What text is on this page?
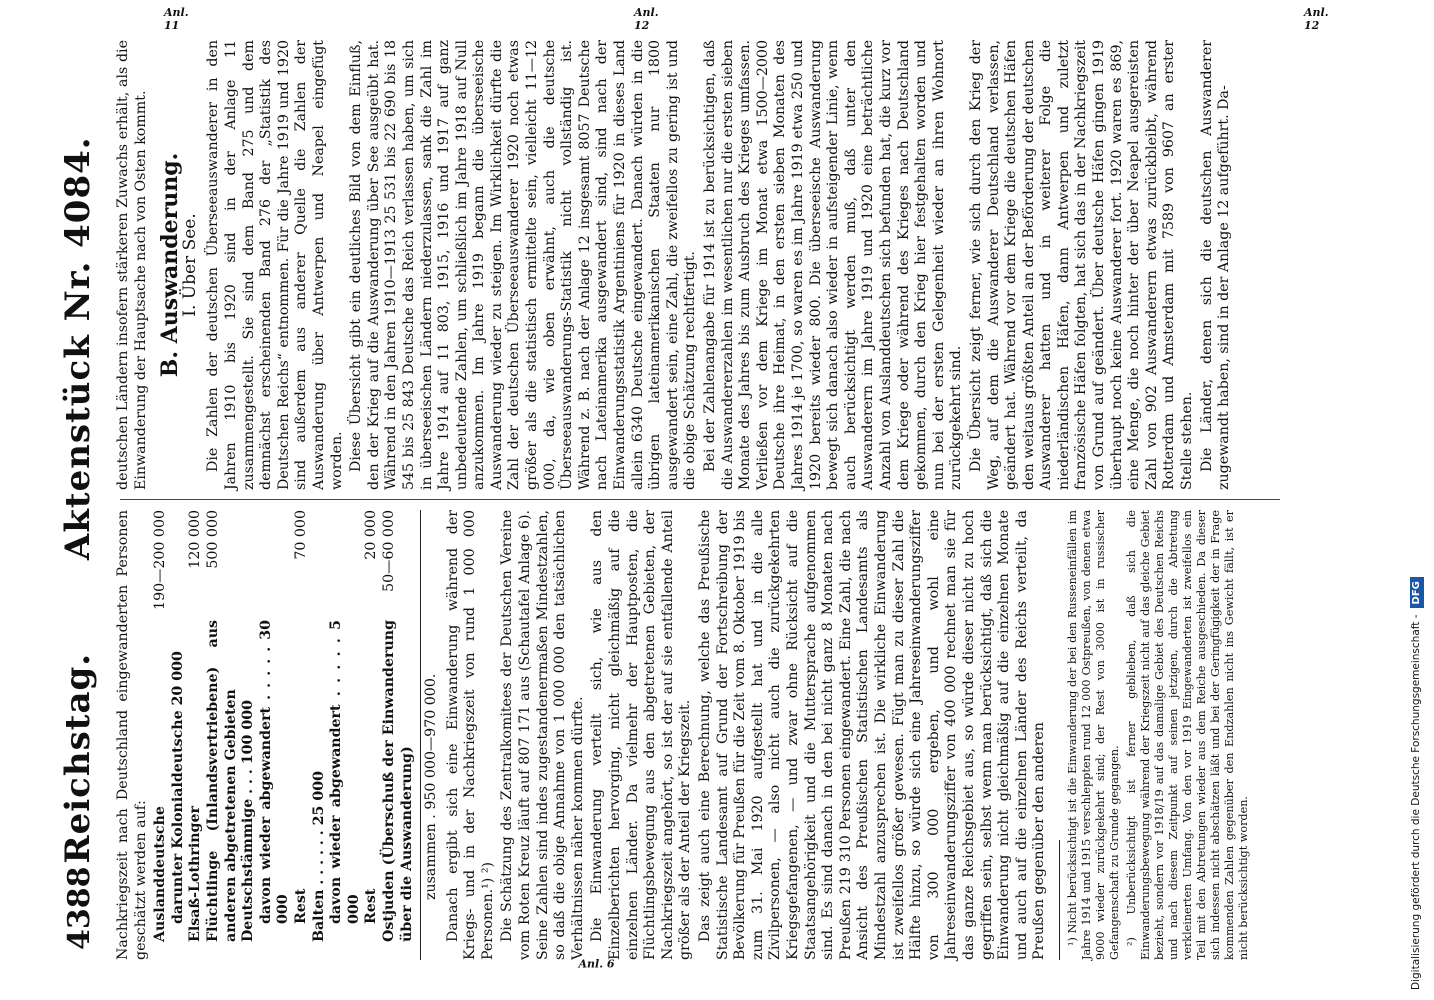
4388
Reichstag. Aktenstück Nr. 4084.

Nachkriegszeit nach Deutschland eingewanderten Personen geschätzt werden auf: Auslanddeutsche
190—200 000
darunter Kolonialdeutsche 20 000 Elsaß-Lothringer
120 000
Flüchtlinge (Inlandsvertriebene) aus anderen abgetretenen Gebieten
500 000
Deutschstämmige . . . 100 000 davon wieder abgewandert . . . . . 30 000 Rest
70 000
Balten . . . . . . 25 000 davon wieder abgewandert . . . . . 5 000 Rest
20 000
Ostjuden (Überschuß der Einwanderung über die Auswanderung)
50—60 000
zusammen . 950 000—970 000. Danach ergibt sich eine Einwanderung während der Kriegs- und in der Nachkriegszeit von rund 1 000 000 Personen.¹) ²) Die Schätzung des Zentralkomitees der Deutschen Vereine vom Roten Kreuz läuft auf 807 171 aus (Schautafel Anlage 6). Seine Zahlen sind indes zugestandenermaßen Mindestzahlen, so daß die obige Annahme von 1 000 000 den tatsächlichen Verhältnissen näher kommen dürfte. Die Einwanderung verteilt sich, wie aus den Einzelberichten hervorging, nicht gleichmäßig auf die einzelnen Länder. Da vielmehr der Hauptposten, die Flüchtlingsbewegung aus den abgetretenen Gebieten, der Nachkriegszeit angehört, so ist der auf sie entfallende Anteil größer als der Anteil der Kriegszeit. Das zeigt auch eine Berechnung, welche das Preußische Statistische Landesamt auf Grund der Fortschreibung der Bevölkerung für Preußen für die Zeit vom 8. Oktober 1919 bis zum 31. Mai 1920 aufgestellt hat und in die alle Zivilpersonen, — also nicht auch die zurückgekehrten Kriegsgefangenen, — und zwar ohne Rücksicht auf die Staatsangehörigkeit und die Muttersprache aufgenommen sind. Es sind danach in den bei nicht ganz 8 Monaten nach Preußen 219 310 Personen eingewandert. Eine Zahl, die nach Ansicht des Preußischen Statistischen Landesamts als Mindestzahl anzusprechen ist. Die wirkliche Einwanderung ist zweifellos größer gewesen. Fügt man zu dieser Zahl die Hälfte hinzu, so würde sich eine Jahreseinwanderungsziffer von 300 000 ergeben, und wohl eine Jahreseinwanderungsziffer von 400 000 rechnet man sie für das ganze Reichsgebiet aus, so würde dieser nicht zu hoch gegriffen sein, selbst wenn man berücksichtigt, daß sich die Einwanderung nicht gleichmäßig auf die einzelnen Monate und auch auf die einzelnen Länder des Reichs verteilt, da Preußen gegenüber den anderen ¹) Nicht berücksichtigt ist die Einwanderung der bei den Russeneinfällen im Jahre 1914 und 1915 verschleppten rund 12 000 Ostpreußen, von denen etwa 9000 wieder zurückgekehrt sind; der Rest von 3000 ist in russischer Gefangenschaft zu Grunde gegangen. ²) Unberücksichtigt ist ferner geblieben, daß sich die Einwanderungsbewegung während der Kriegszeit nicht auf das gleiche Gebiet bezieht, sondern vor 1918/19 auf das damalige Gebiet des Deutschen Reichs und nach diesem Zeitpunkt auf seinen jetzigen, durch die Abtretung verkleinerten Umfang. Von den vor 1919 Eingewanderten ist zweifellos ein Teil mit den Abtretungen wieder aus dem Reiche ausgeschieden. Da dieser sich indessen nicht abschätzen läßt und bei der Geringfügigkeit der in Frage kommenden Zahlen gegenüber den Endzahlen nicht ins Gewicht fällt, ist er nicht berücksichtigt worden.

deutschen Ländern insofern stärkeren Zuwachs erhält, als die Einwanderung der Hauptsache nach von Osten kommt. B. Auswanderung.
I. Über See. Die Zahlen der deutschen Überseeauswanderer in den Jahren 1910 bis 1920 sind in der Anlage 11 zusammengestellt. Sie sind dem Band 275 und dem demnächst erscheinenden Band 276 der „Statistik des Deutschen Reichs“ entnommen. Für die Jahre 1919 und 1920 sind außerdem aus anderer Quelle die Zahlen der Auswanderung über Antwerpen und Neapel eingefügt worden. Diese Übersicht gibt ein deutliches Bild von dem Einfluß, den der Krieg auf die Auswanderung über See ausgeübt hat. Während in den Jahren 1910—1913 25 531 bis 22 690 bis 18 545 bis 25 843 Deutsche das Reich verlassen haben, um sich in überseeischen Ländern niederzulassen, sank die Zahl im Jahre 1914 auf 11 803, 1915, 1916 und 1917 auf ganz unbedeutende Zahlen, um schließlich im Jahre 1918 auf Null anzukommen. Im Jahre 1919 begann die überseeische Auswanderung wieder zu steigen. Im Wirklichkeit dürfte die Zahl der deutschen Überseeauswanderer 1920 noch etwas größer als die statistisch ermittelte sein, vielleicht 11—12 000, da, wie oben erwähnt, auch die deutsche Überseeauswanderungs-Statistik nicht vollständig ist. Während z. B. nach der Anlage 12 insgesamt 8057 Deutsche nach Lateinamerika ausgewandert sind, sind nach der Einwanderungsstatistik Argentiniens für 1920 in dieses Land allein 6340 Deutsche eingewandert. Danach würden in die übrigen lateinamerikanischen Staaten nur 1800 ausgewandert sein, eine Zahl, die zweifellos zu gering ist und die obige Schätzung rechtfertigt. Bei der Zahlenangabe für 1914 ist zu berücksichtigen, daß die Auswandererzahlen im wesentlichen nur die ersten sieben Monate des Jahres bis zum Ausbruch des Krieges umfassen. Verließen vor dem Kriege im Monat etwa 1500—2000 Deutsche ihre Heimat, in den ersten sieben Monaten des Jahres 1914 je 1700, so waren es im Jahre 1919 etwa 250 und 1920 bereits wieder 800. Die überseeische Auswanderung bewegt sich danach also wieder in aufsteigender Linie, wenn auch berücksichtigt werden muß, daß unter den Auswanderern im Jahre 1919 und 1920 eine beträchtliche Anzahl von Auslanddeutschen sich befunden hat, die kurz vor dem Kriege oder während des Krieges nach Deutschland gekommen, durch den Krieg hier festgehalten worden und nun bei der ersten Gelegenheit wieder an ihren Wohnort zurückgekehrt sind. Die Übersicht zeigt ferner, wie sich durch den Krieg der Weg, auf dem die Auswanderer Deutschland verlassen, geändert hat. Während vor dem Kriege die deutschen Häfen den weitaus größten Anteil an der Beförderung der deutschen Auswanderer hatten und in weiterer Folge die niederländischen Häfen, dann Antwerpen und zuletzt französische Häfen folgten, hat sich das in der Nachkriegszeit von Grund auf geändert. Über deutsche Häfen gingen 1919 überhaupt noch keine Auswanderer fort. 1920 waren es 869, eine Menge, die noch hinter der über Neapel ausgereisten Zahl von 902 Auswanderern etwas zurückbleibt, während Rotterdam und Amsterdam mit 7589 von 9607 an erster Stelle stehen. Die Länder, denen sich die deutschen Auswanderer zugewandt haben, sind in der Anlage 12 aufgeführt. Da-

Anl. 6
Anl. 11
Anl. 12
Anl. 12
Digitalisierung gefördert durch die Deutsche Forschungsgemeinschaft -DFG
